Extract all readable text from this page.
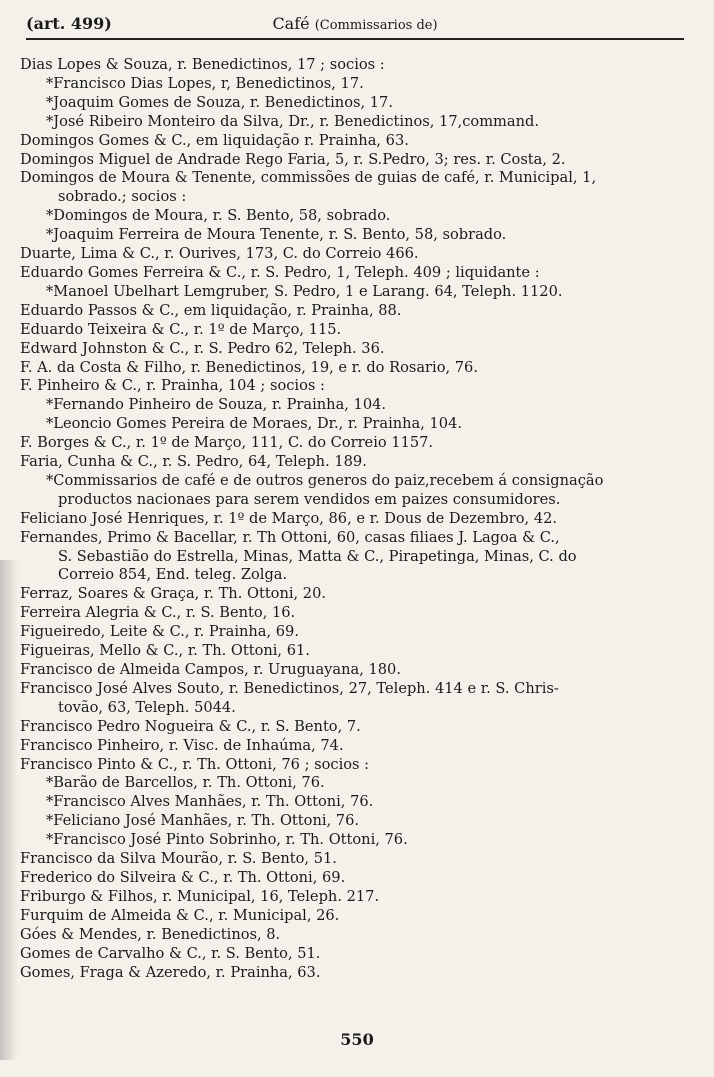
(art. 499)	Café (Commissarios de)
Dias Lopes & Souza, r. Benedictinos, 17 ; socios :
*Francisco Dias Lopes, r, Benedictinos, 17.
*Joaquim Gomes de Souza, r. Benedictinos, 17.
*José Ribeiro Monteiro da Silva, Dr., r. Benedictinos, 17,command.
Domingos Gomes & C., em liquidação r. Prainha, 63.
Domingos Miguel de Andrade Rego Faria, 5, r. S.Pedro, 3; res. r. Costa, 2.
Domingos de Moura & Tenente, commissões de guias de café, r. Municipal, 1,
sobrado.; socios :
*Domingos de Moura, r. S. Bento, 58, sobrado.
*Joaquim Ferreira de Moura Tenente, r. S. Bento, 58, sobrado.
Duarte, Lima & C., r. Ourives, 173, C. do Correio 466.
Eduardo Gomes Ferreira & C., r. S. Pedro, 1, Teleph. 409 ; liquidante :
*Manoel Ubelhart Lemgruber, S. Pedro, 1 e Larang. 64, Teleph. 1120.
Eduardo Passos & C., em liquidação, r. Prainha, 88.
Eduardo Teixeira & C., r. 1º de Março, 115.
Edward Johnston & C., r. S. Pedro 62, Teleph. 36.
F. A. da Costa & Filho, r. Benedictinos, 19, e r. do Rosario, 76.
F. Pinheiro & C., r. Prainha, 104 ; socios :
*Fernando Pinheiro de Souza, r. Prainha, 104.
*Leoncio Gomes Pereira de Moraes, Dr., r. Prainha, 104.
F. Borges & C., r. 1º de Março, 111, C. do Correio 1157.
Faria, Cunha & C., r. S. Pedro, 64, Teleph. 189.
*Commissarios de café e de outros generos do paiz,recebem á consignação
productos nacionaes para serem vendidos em paizes consumidores.
Feliciano José Henriques, r. 1º de Março, 86, e r. Dous de Dezembro, 42.
Fernandes, Primo & Bacellar, r. Th Ottoni, 60, casas filiaes J. Lagoa & C.,
S. Sebastião do Estrella, Minas, Matta & C., Pirapetinga, Minas, C. do
Correio 854, End. teleg. Zolga.
Ferraz, Soares & Graça, r. Th. Ottoni, 20.
Ferreira Alegria & C., r. S. Bento, 16.
Figueiredo, Leite & C., r. Prainha, 69.
Figueiras, Mello & C., r. Th. Ottoni, 61.
Francisco de Almeida Campos, r. Uruguayana, 180.
Francisco José Alves Souto, r. Benedictinos, 27, Teleph. 414 e r. S. Chris-
tovão, 63, Teleph. 5044.
Francisco Pedro Nogueira & C., r. S. Bento, 7.
Francisco Pinheiro, r. Visc. de Inhaúma, 74.
Francisco Pinto & C., r. Th. Ottoni, 76 ; socios :
*Barão de Barcellos, r. Th. Ottoni, 76.
*Francisco Alves Manhães, r. Th. Ottoni, 76.
*Feliciano José Manhães, r. Th. Ottoni, 76.
*Francisco José Pinto Sobrinho, r. Th. Ottoni, 76.
Francisco da Silva Mourão, r. S. Bento, 51.
Frederico do Silveira & C., r. Th. Ottoni, 69.
Friburgo & Filhos, r. Municipal, 16, Teleph. 217.
Furquim de Almeida & C., r. Municipal, 26.
Góes & Mendes, r. Benedictinos, 8.
Gomes de Carvalho & C., r. S. Bento, 51.
Gomes, Fraga & Azeredo, r. Prainha, 63.
550
